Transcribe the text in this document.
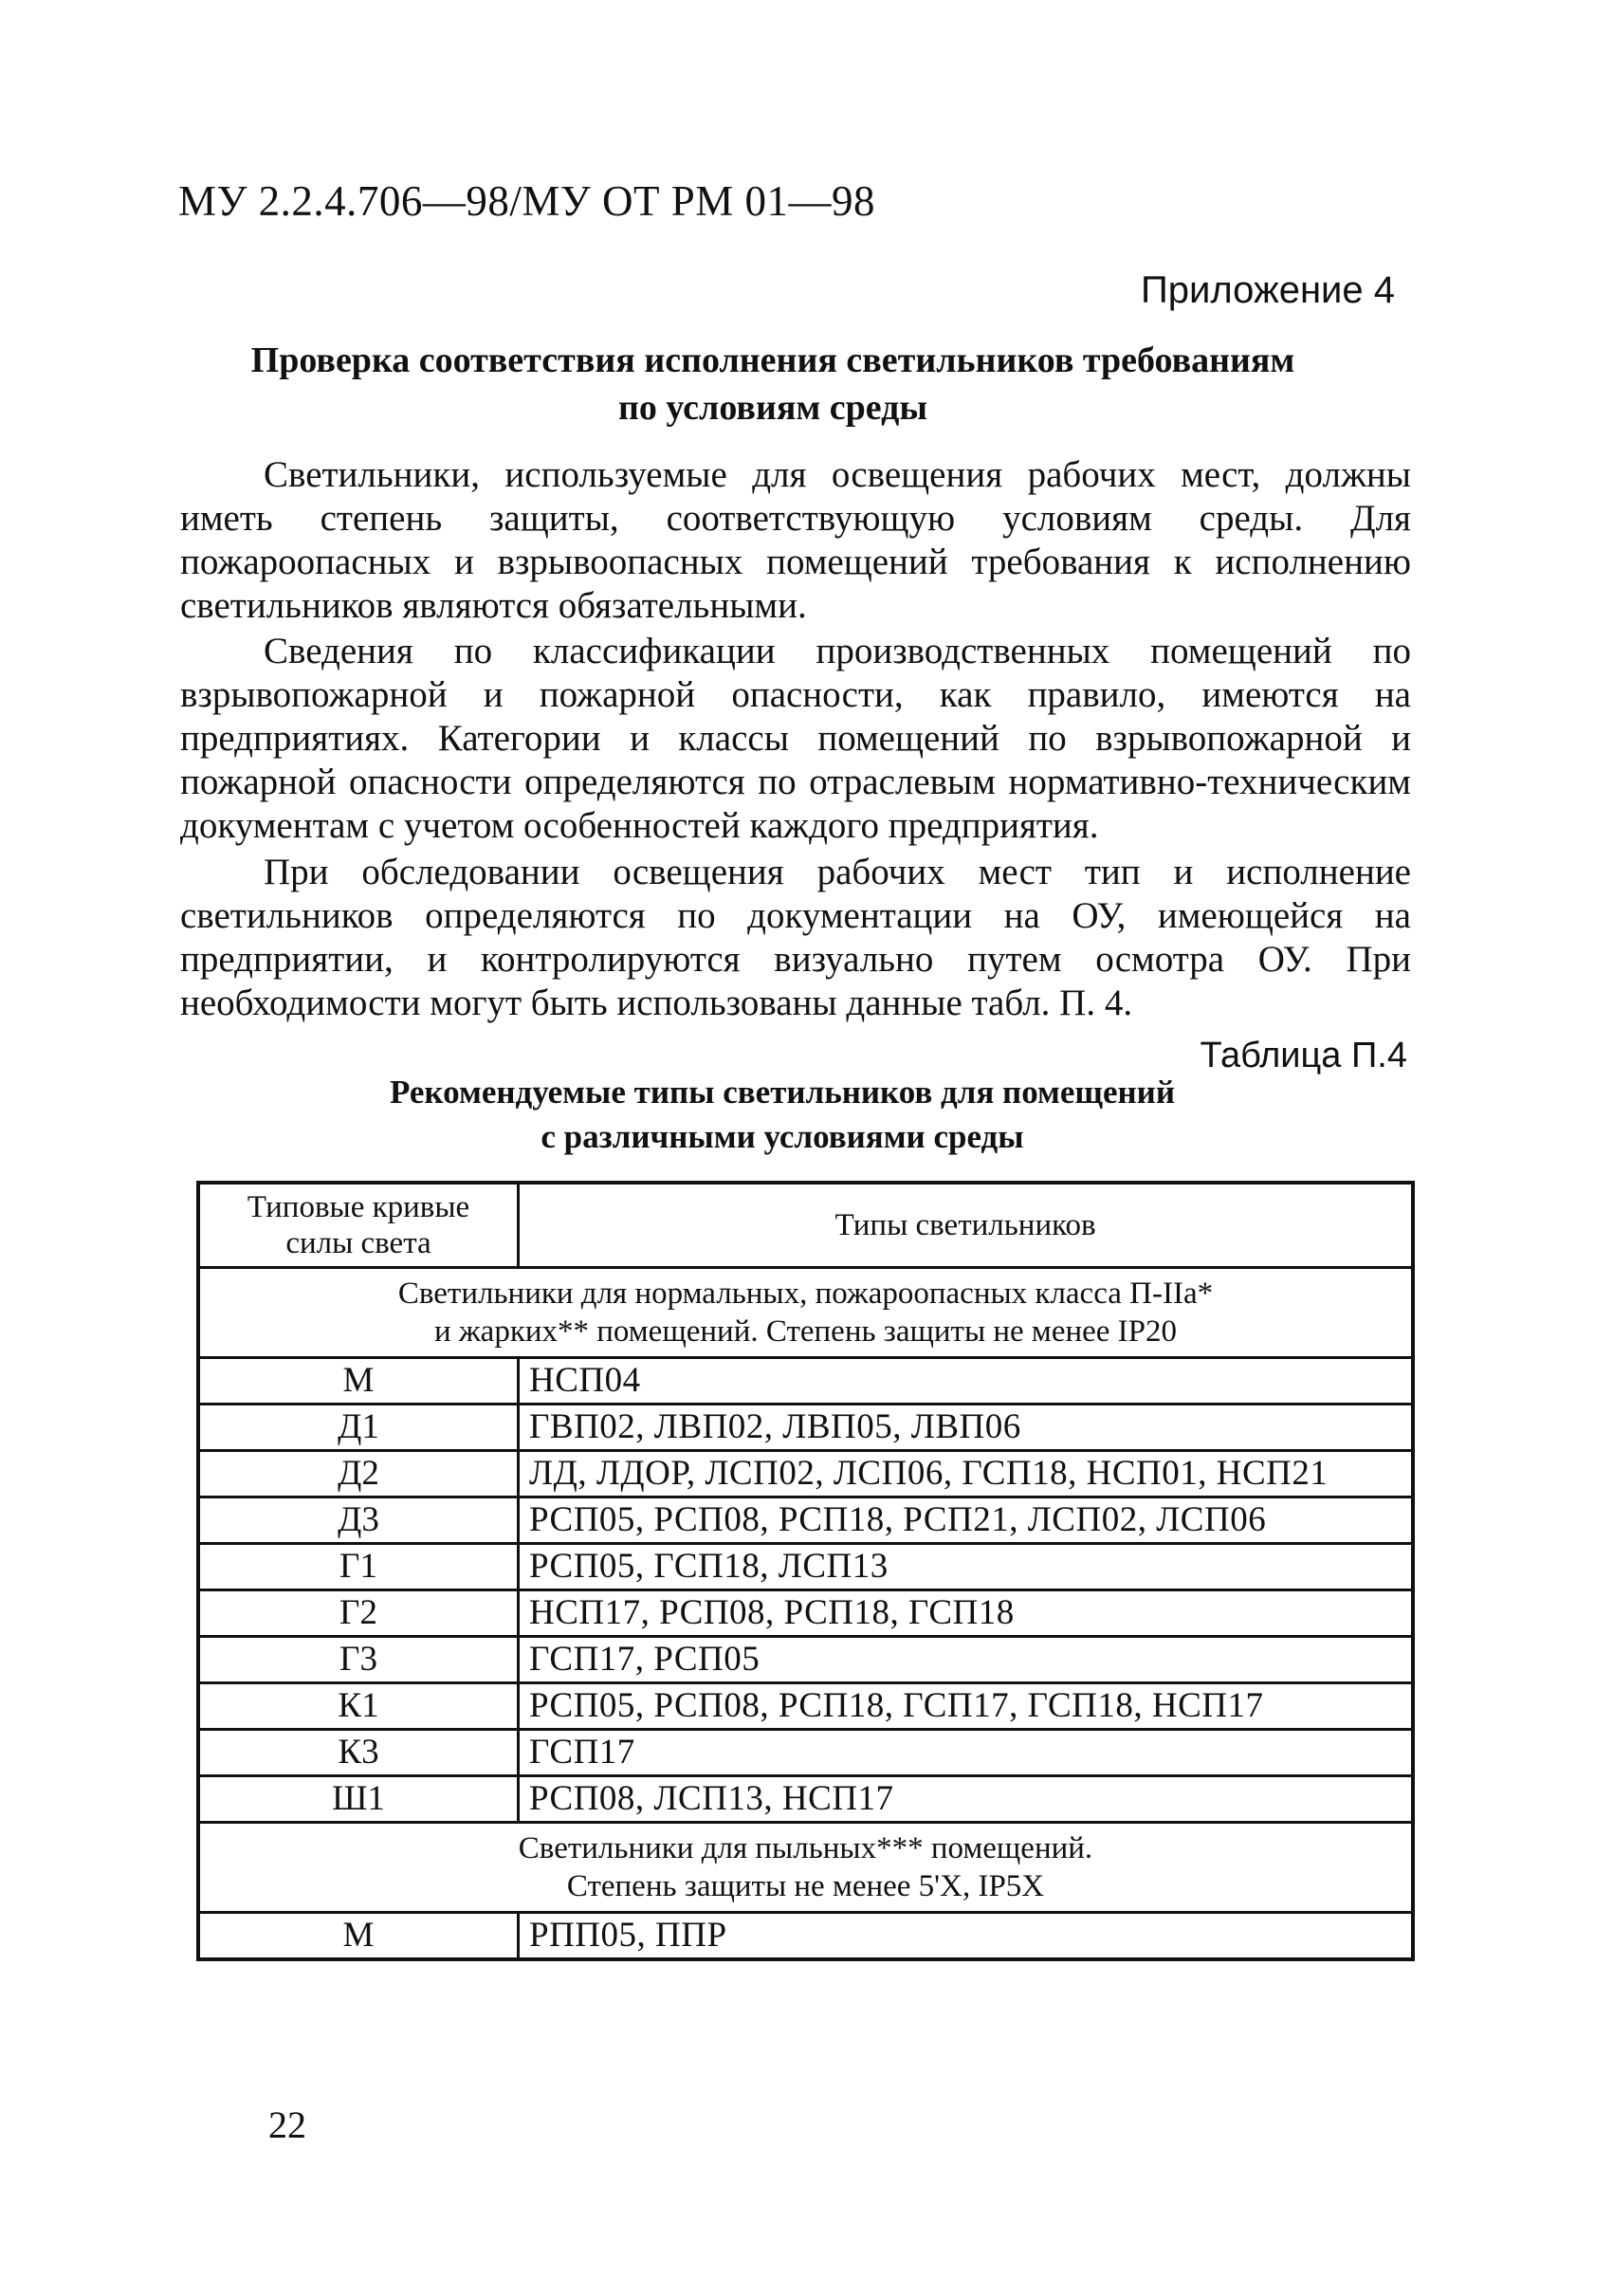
МУ 2.2.4.706—98/МУ ОТ РМ 01—98
Приложение 4
Проверка соответствия исполнения светильников требованиям
по условиям среды

Светильники, используемые для освещения рабочих мест, должны иметь степень защиты, соответствующую условиям среды. Для пожароопасных и взрывоопасных помещений требования к исполнению светильников являются обязательными.

Сведения по классификации производственных помещений по взрывопожарной и пожарной опасности, как правило, имеются на предприятиях. Категории и классы помещений по взрывопожарной и пожарной опасности определяются по отраслевым нормативно-техническим документам с учетом особенностей каждого предприятия.

При обследовании освещения рабочих мест тип и исполнение светильников определяются по документации на ОУ, имеющейся на предприятии, и контролируются визуально путем осмотра ОУ. При необходимости могут быть использованы данные табл. П. 4.

Таблица П.4
Рекомендуемые типы светильников для помещений
с различными условиями среды
Типовые кривые
силы света	Типы светильников

Светильники для нормальных, пожароопасных класса П-IIа*
и жарких** помещений. Степень защиты не менее IP20	

М	НСП04
Д1	ГВП02, ЛВП02, ЛВП05, ЛВП06
Д2	ЛД, ЛДОР, ЛСП02, ЛСП06, ГСП18, НСП01, НСП21
Д3	РСП05, РСП08, РСП18, РСП21, ЛСП02, ЛСП06
Г1	РСП05, ГСП18, ЛСП13
Г2	НСП17, РСП08, РСП18, ГСП18
Г3	ГСП17, РСП05
К1	РСП05, РСП08, РСП18, ГСП17, ГСП18, НСП17
К3	ГСП17
Ш1	РСП08, ЛСП13, НСП17

Светильники для пыльных*** помещений.
Степень защиты не менее 5'Х, IP5Х	

М	РПП05, ППР
22
